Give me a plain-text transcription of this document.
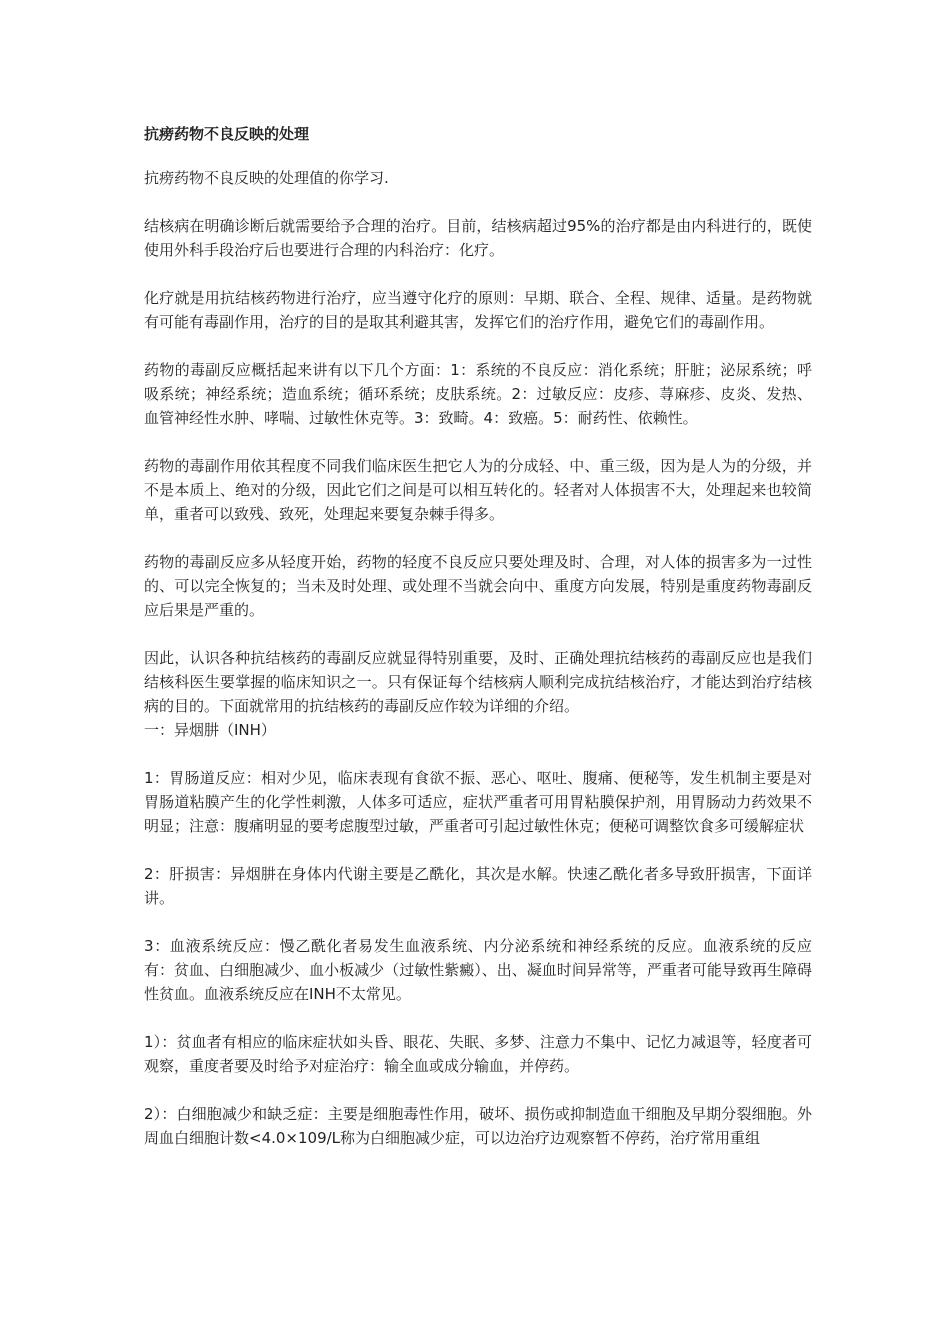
抗痨药物不良反映的处理
抗痨药物不良反映的处理值的你学习.
结核病在明确诊断后就需要给予合理的治疗。目前，结核病超过95%的治疗都是由内科进行的，既使使用外科手段治疗后也要进行合理的内科治疗：化疗。
化疗就是用抗结核药物进行治疗，应当遵守化疗的原则：早期、联合、全程、规律、适量。是药物就有可能有毒副作用，治疗的目的是取其利避其害，发挥它们的治疗作用，避免它们的毒副作用。
药物的毒副反应概括起来讲有以下几个方面：1：系统的不良反应：消化系统；肝脏；泌尿系统；呼吸系统；神经系统；造血系统；循环系统；皮肤系统。2：过敏反应：皮疹、荨麻疹、皮炎、发热、血管神经性水肿、哮喘、过敏性休克等。3：致畸。4：致癌。5：耐药性、依赖性。
药物的毒副作用依其程度不同我们临床医生把它人为的分成轻、中、重三级，因为是人为的分级，并不是本质上、绝对的分级，因此它们之间是可以相互转化的。轻者对人体损害不大，处理起来也较简单，重者可以致残、致死，处理起来要复杂棘手得多。
药物的毒副反应多从轻度开始，药物的轻度不良反应只要处理及时、合理，对人体的损害多为一过性的、可以完全恢复的；当未及时处理、或处理不当就会向中、重度方向发展，特别是重度药物毒副反应后果是严重的。
因此，认识各种抗结核药的毒副反应就显得特别重要，及时、正确处理抗结核药的毒副反应也是我们结核科医生要掌握的临床知识之一。只有保证每个结核病人顺利完成抗结核治疗，才能达到治疗结核病的目的。下面就常用的抗结核药的毒副反应作较为详细的介绍。
一：异烟肼（INH）
1：胃肠道反应：相对少见，临床表现有食欲不振、恶心、呕吐、腹痛、便秘等，发生机制主要是对胃肠道粘膜产生的化学性刺激，人体多可适应，症状严重者可用胃粘膜保护剂，用胃肠动力药效果不明显；注意：腹痛明显的要考虑腹型过敏，严重者可引起过敏性休克；便秘可调整饮食多可缓解症状
2：肝损害：异烟肼在身体内代谢主要是乙酰化，其次是水解。快速乙酰化者多导致肝损害，下面详讲。
3：血液系统反应：慢乙酰化者易发生血液系统、内分泌系统和神经系统的反应。血液系统的反应有：贫血、白细胞减少、血小板减少（过敏性紫癜）、出、凝血时间异常等，严重者可能导致再生障碍性贫血。血液系统反应在INH不太常见。
1）：贫血者有相应的临床症状如头昏、眼花、失眠、多梦、注意力不集中、记忆力减退等，轻度者可观察，重度者要及时给予对症治疗：输全血或成分输血，并停药。
2）：白细胞减少和缺乏症：主要是细胞毒性作用，破坏、损伤或抑制造血干细胞及早期分裂细胞。外周血白细胞计数<4.0×109/L称为白细胞减少症，可以边治疗边观察暂不停药，治疗常用重组
